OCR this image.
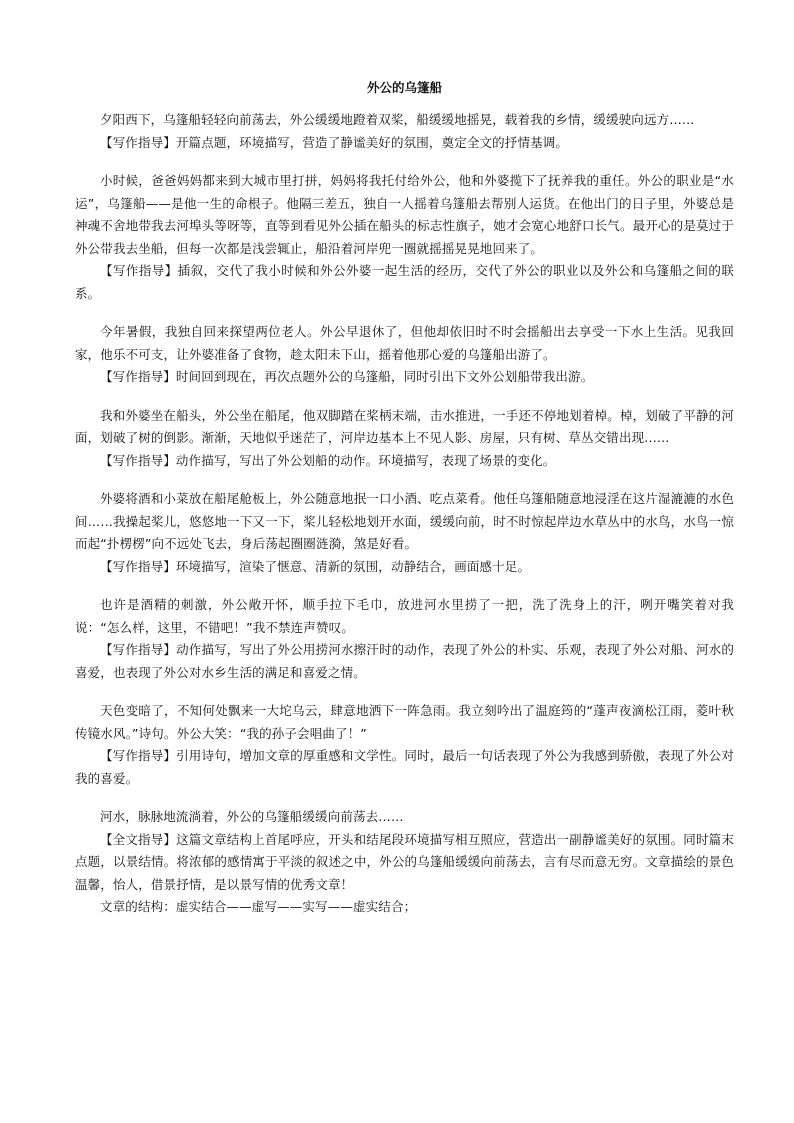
外公的乌篷船

夕阳西下，乌篷船轻轻向前荡去，外公缓缓地蹬着双桨，船缓缓地摇晃，载着我的乡情，缓缓驶向远方……

【写作指导】开篇点题，环境描写，营造了静谧美好的氛围，奠定全文的抒情基调。

小时候，爸爸妈妈都来到大城市里打拼，妈妈将我托付给外公，他和外婆揽下了抚养我的重任。外公的职业是“水运”，乌篷船——是他一生的命根子。他隔三差五，独自一人摇着乌篷船去帮别人运货。在他出门的日子里，外婆总是神魂不舍地带我去河埠头等呀等，直等到看见外公插在船头的标志性旗子，她才会宽心地舒口长气。最开心的是莫过于外公带我去坐船，但每一次都是浅尝辄止，船沿着河岸兜一圈就摇摇晃晃地回来了。

【写作指导】插叙，交代了我小时候和外公外婆一起生活的经历，交代了外公的职业以及外公和乌篷船之间的联系。

今年暑假，我独自回来探望两位老人。外公早退休了，但他却依旧时不时会摇船出去享受一下水上生活。见我回家，他乐不可支，让外婆准备了食物，趁太阳未下山，摇着他那心爱的乌篷船出游了。

【写作指导】时间回到现在，再次点题外公的乌篷船，同时引出下文外公划船带我出游。

我和外婆坐在船头，外公坐在船尾，他双脚踏在桨柄末端，击水推进，一手还不停地划着棹。棹，划破了平静的河面，划破了树的倒影。渐渐，天地似乎迷茫了，河岸边基本上不见人影、房屋，只有树、草丛交错出现……

【写作指导】动作描写，写出了外公划船的动作。环境描写，表现了场景的变化。

外婆将酒和小菜放在船尾舱板上，外公随意地抿一口小酒、吃点菜肴。他任乌篷船随意地浸淫在这片湿漉漉的水色间……我操起桨儿，悠悠地一下又一下，桨儿轻松地划开水面，缓缓向前，时不时惊起岸边水草丛中的水鸟，水鸟一惊而起“扑楞楞”向不远处飞去，身后荡起圈圈涟漪，煞是好看。

【写作指导】环境描写，渲染了惬意、清新的氛围，动静结合，画面感十足。

也许是酒精的刺激，外公敞开怀，顺手拉下毛巾，放进河水里捞了一把，洗了洗身上的汗，咧开嘴笑着对我说：“怎么样，这里，不错吧！”我不禁连声赞叹。

【写作指导】动作描写，写出了外公用捞河水擦汗时的动作，表现了外公的朴实、乐观，表现了外公对船、河水的喜爱，也表现了外公对水乡生活的满足和喜爱之情。

天色变暗了，不知何处飘来一大坨乌云，肆意地洒下一阵急雨。我立刻吟出了温庭筠的“蓬声夜滴松江雨，菱叶秋传镜水风。”诗句。外公大笑：“我的孙子会唱曲了！”

【写作指导】引用诗句，增加文章的厚重感和文学性。同时，最后一句话表现了外公为我感到骄傲，表现了外公对我的喜爱。

河水，脉脉地流淌着，外公的乌篷船缓缓向前荡去……

【全文指导】这篇文章结构上首尾呼应，开头和结尾段环境描写相互照应，营造出一副静谧美好的氛围。同时篇末点题，以景结情。将浓郁的感情寓于平淡的叙述之中，外公的乌篷船缓缓向前荡去，言有尽而意无穷。文章描绘的景色温馨，怡人，借景抒情，是以景写情的优秀文章！

文章的结构：虚实结合——虚写——实写——虚实结合；
